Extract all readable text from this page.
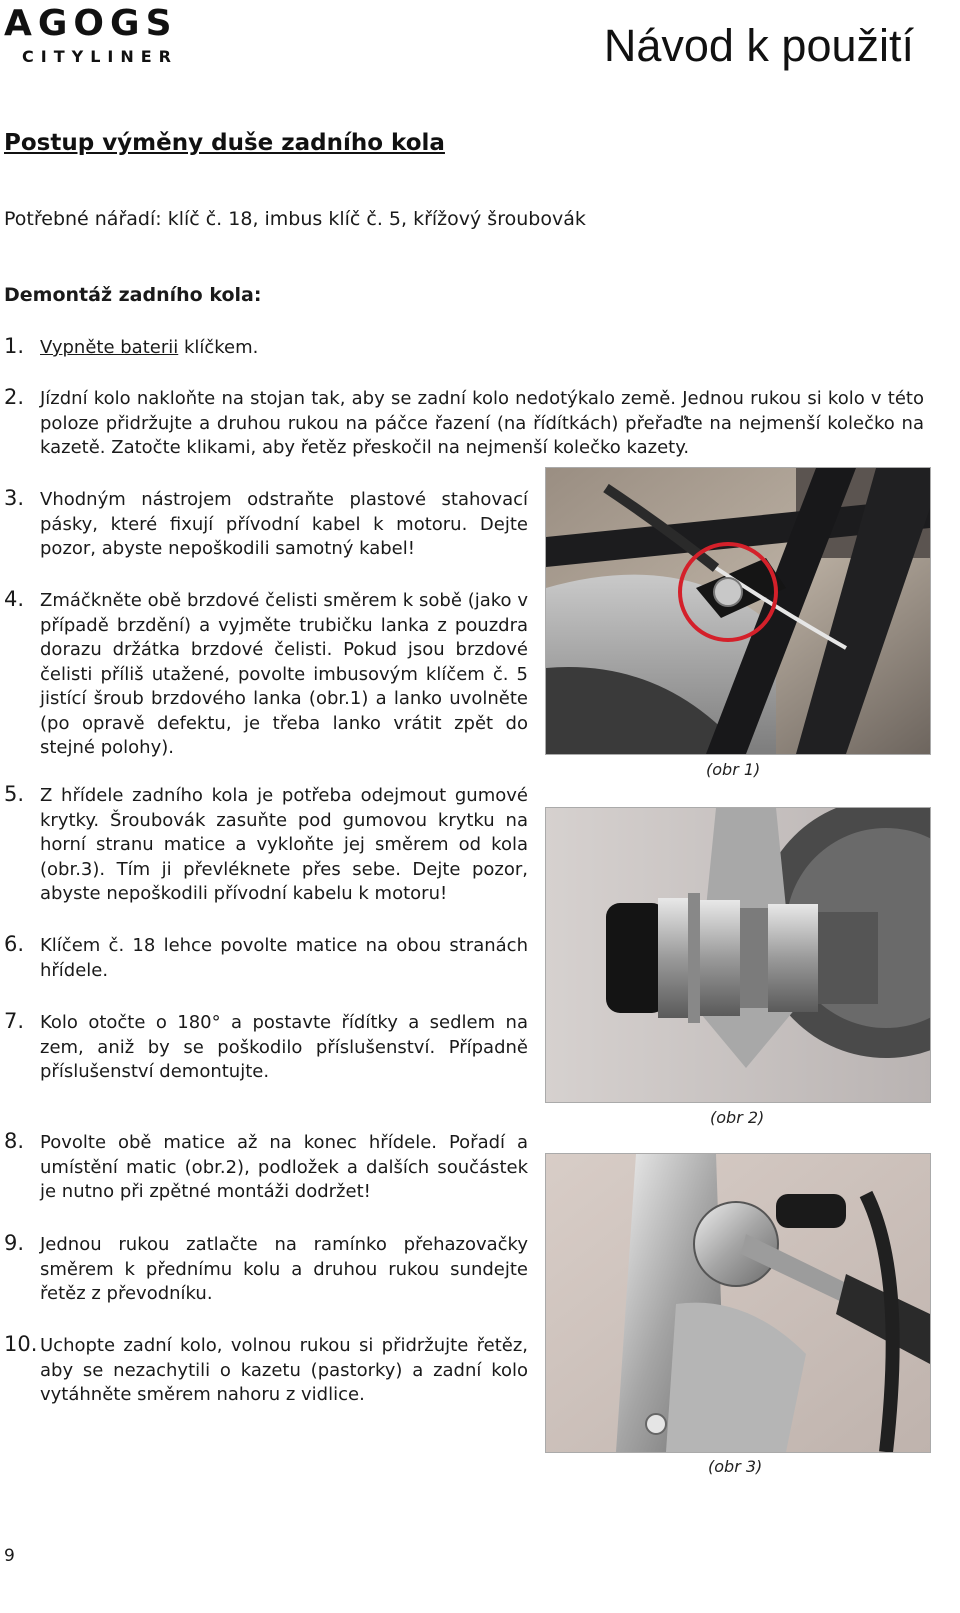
AGOGS
CITYLINER	Návod k použití
Postup výměny duše zadního kola
Potřebné nářadí: klíč č. 18, imbus klíč č. 5, křížový šroubovák
Demontáž zadního kola:
1. Vypněte baterii klíčkem.
2. Jízdní kolo nakloňte na stojan tak, aby se zadní kolo nedotýkalo země. Jednou rukou si kolo v této poloze přidržujte a druhou rukou na páčce řazení (na řídítkách) přeřaďte na nejmenší kolečko na kazetě. Zatočte klikami, aby řetěz přeskočil na nejmenší kolečko kazety.
3. Vhodným nástrojem odstraňte plastové stahovací pásky, které fixují přívodní kabel k motoru. Dejte pozor, abyste nepoškodili samotný kabel!
4. Zmáčkněte obě brzdové čelisti směrem k sobě (jako v případě brzdění) a vyjměte trubičku lanka z pouzdra dorazu držátka brzdové čelisti. Pokud jsou brzdové čelisti příliš utažené, povolte imbusovým klíčem č. 5 jistící šroub brzdového lanka (obr.1) a lanko uvolněte (po opravě defektu, je třeba lanko vrátit zpět do stejné polohy).
5. Z hřídele zadního kola je potřeba odejmout gumové krytky. Šroubovák zasuňte pod gumovou krytku na horní stranu matice a vykloňte jej směrem od kola (obr.3). Tím ji převléknete přes sebe. Dejte pozor, abyste nepoškodili přívodní kabelu k motoru!
6. Klíčem č. 18 lehce povolte matice na obou stranách hřídele.
7. Kolo otočte o 180° a postavte řídítky a sedlem na zem, aniž by se poškodilo příslušenství. Případně příslušenství demontujte.
8. Povolte obě matice až na konec hřídele. Pořadí a umístění matic (obr.2), podložek a dalších součástek je nutno při zpětné montáži dodržet!
9. Jednou rukou zatlačte na ramínko přehazovačky směrem k přednímu kolu a druhou rukou sundejte řetěz z převodníku.
10. Uchopte zadní kolo, volnou rukou si přidržujte řetěz, aby se nezachytili o kazetu (pastorky) a zadní kolo vytáhněte směrem nahoru z vidlice.
(obr 1)
(obr 2)
(obr 3)
9
